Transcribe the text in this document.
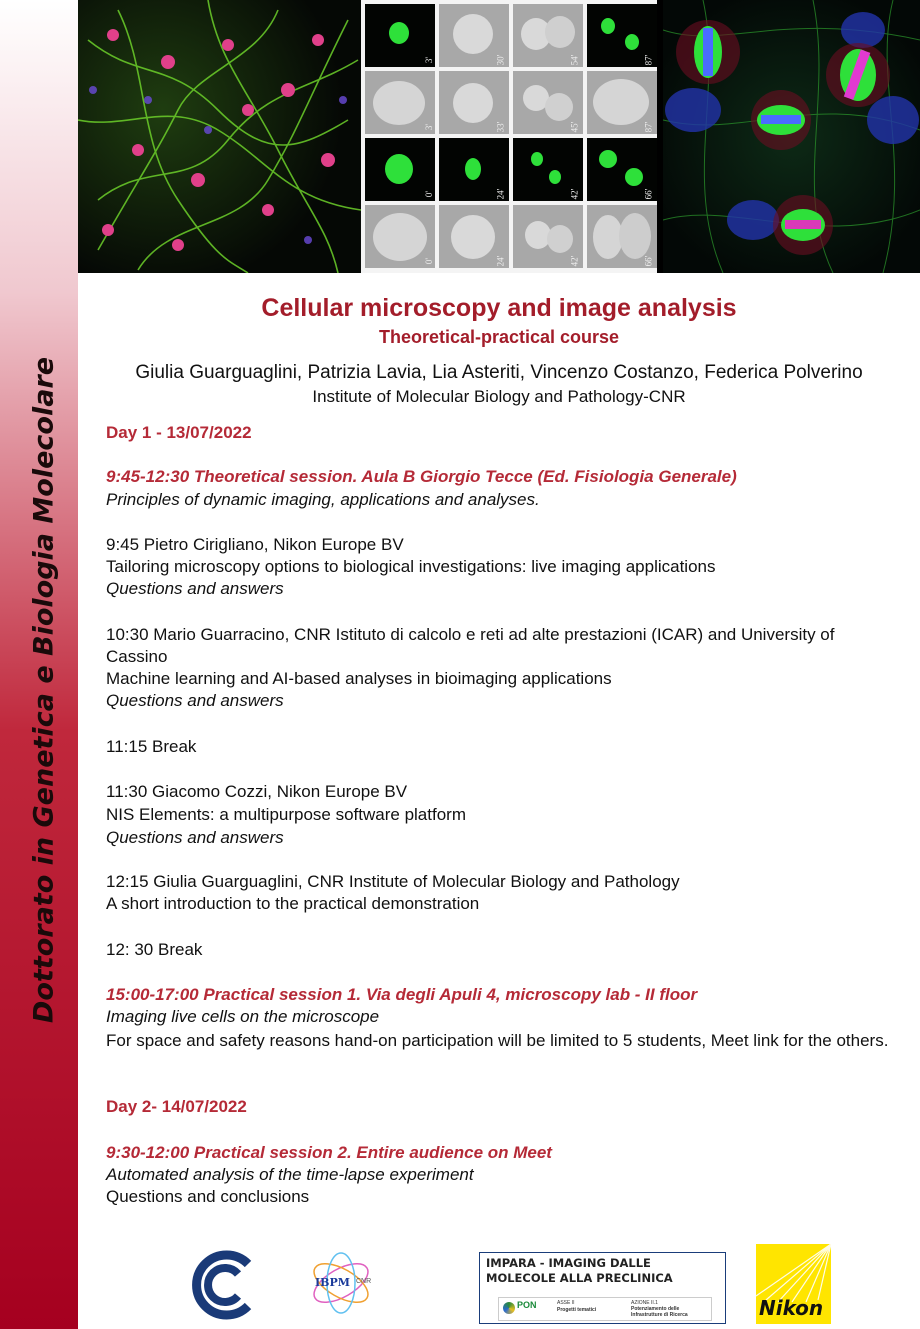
Dottorato in Genetica e Biologia Molecolare
3'	30'	54'	87'
3'	33'	45'	87'
0'	24'	42'	66'
0'	24'	42'	66'
Cellular microscopy and image analysis
Theoretical-practical course
Giulia Guarguaglini, Patrizia Lavia, Lia Asteriti, Vincenzo Costanzo, Federica Polverino
Institute of Molecular Biology and Pathology-CNR
Day 1 - 13/07/2022
9:45-12:30 Theoretical session. Aula B Giorgio Tecce (Ed. Fisiologia Generale)
Principles of dynamic imaging, applications and analyses.
9:45 Pietro Cirigliano, Nikon Europe BV
Tailoring microscopy options to biological investigations: live imaging applications
Questions and answers
10:30 Mario Guarracino, CNR Istituto di calcolo e reti ad alte prestazioni (ICAR) and University of Cassino
Machine learning and AI-based analyses in bioimaging applications
Questions and answers
11:15 Break
11:30 Giacomo Cozzi, Nikon Europe BV
NIS Elements: a multipurpose software platform
Questions and answers
12:15 Giulia Guarguaglini, CNR Institute of Molecular Biology and Pathology
A short introduction to the practical demonstration
12: 30 Break
15:00-17:00 Practical session 1. Via degli Apuli 4, microscopy lab - II floor
Imaging live cells on the microscope
For space and safety reasons hand-on participation will be limited to 5 students, Meet link for the others.
Day 2- 14/07/2022
9:30-12:00 Practical session 2. Entire audience on Meet
Automated analysis of the time-lapse experiment
Questions and conclusions
IBPM CNR
IMPARA - IMAGING DALLE MOLECOLE ALLA PRECLINICA
PON	ASSE II
Progetti tematici
AZIONE II.1
Potenziamento delle Infrastrutture di Ricerca	Nikon
